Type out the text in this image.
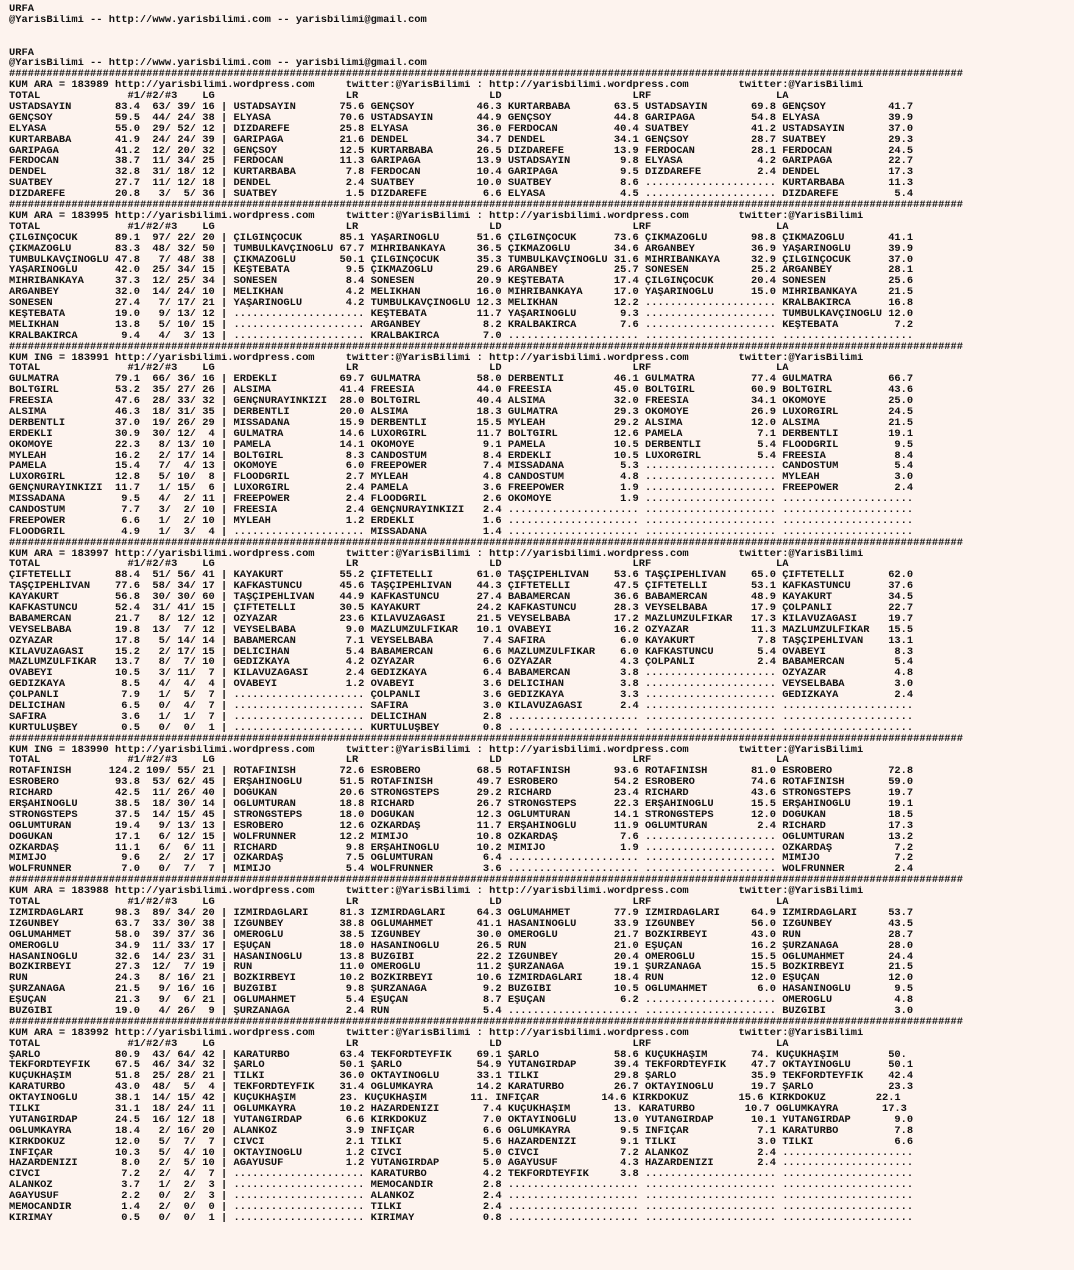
URFA
@YarisBilimi -- http://www.yarisbilimi.com -- yarisbilimi@gmail.com
URFA
@YarisBilimi -- http://www.yarisbilimi.com -- yarisbilimi@gmail.com
#########################################################################################################################################################
KUM ARA = 183989 http://yarisbilimi.wordpress.com     twitter:@YarisBilimi : http://yarisbilimi.wordpress.com        twitter:@YarisBilimi
TOTAL              #1/#2/#3    LG                     LR                     LD                     LRF                    LA
ÜSTADSAYIN       83.4  63/ 39/ 16 | ÜSTADSAYIN       75.6 GENÇSOY          46.3 KURTARBABA       63.5 ÜSTADSAYIN       69.8 GENÇSOY          41.7
GENÇSOY          59.5  44/ 24/ 38 | ELYASA           70.6 ÜSTADSAYIN       44.9 GENÇSOY          44.8 GARİPAGA         54.8 ELYASA           39.9
ELYASA           55.0  29/ 52/ 12 | DİZDAREFE        25.8 ELYASA           36.0 FERDOCAN         40.4 SUATBEY          41.2 ÜSTADSAYIN       37.0
KURTARBABA       41.9  24/ 24/ 39 | GARİPAGA         21.6 DENDEL           34.7 DENDEL           34.1 GENÇSOY          28.7 SUATBEY          29.3
GARİPAGA         41.2  12/ 20/ 32 | GENÇSOY          12.5 KURTARBABA       26.5 DİZDAREFE        13.9 FERDOCAN         28.1 FERDOCAN         24.5
FERDOCAN         38.7  11/ 34/ 25 | FERDOCAN         11.3 GARİPAGA         13.9 ÜSTADSAYIN        9.8 ELYASA            4.2 GARİPAGA         22.7
DENDEL           32.8  31/ 18/ 12 | KURTARBABA        7.8 FERDOCAN         10.4 GARİPAGA          9.5 DİZDAREFE         2.4 DENDEL           17.3
SUATBEY          27.7  11/ 12/ 18 | DENDEL            2.4 SUATBEY          10.0 SUATBEY           8.6 ..................... KURTARBABA       11.3
DİZDAREFE        20.8   3/  5/ 36 | SUATBEY           1.5 DİZDAREFE         6.6 ELYASA            4.5 ..................... DİZDAREFE         5.4
#########################################################################################################################################################
KUM ARA = 183995 http://yarisbilimi.wordpress.com     twitter:@YarisBilimi : http://yarisbilimi.wordpress.com        twitter:@YarisBilimi
TOTAL              #1/#2/#3    LG                     LR                     LD                     LRF                    LA
ÇILGINÇOCUK      89.1  97/ 22/ 20 | ÇILGINÇOCUK      85.1 YAŞARINOĞLU      51.6 ÇILGINÇOCUK      73.6 ÇIKMAZOĞLU       98.8 ÇIKMAZOĞLU       41.1
ÇIKMAZOĞLU       83.3  48/ 32/ 50 | TUMBULKAVÇİNOĞLU 67.7 MİHRİBANKAYA     36.5 ÇIKMAZOĞLU       34.6 ARGANBEY         36.9 YAŞARINOĞLU      39.9
TUMBULKAVÇİNOĞLU 47.8   7/ 48/ 38 | ÇIKMAZOĞLU       50.1 ÇILGINÇOCUK      35.3 TUMBULKAVÇİNOĞLU 31.6 MİHRİBANKAYA     32.9 ÇILGINÇOCUK      37.0
YAŞARINOĞLU      42.0  25/ 34/ 15 | KEŞTEBATA         9.5 ÇIKMAZOĞLU       29.6 ARGANBEY         25.7 SONESEN          25.2 ARGANBEY         28.1
MİHRİBANKAYA     37.3  12/ 25/ 34 | SONESEN           8.4 SONESEN          20.9 KEŞTEBATA        17.4 ÇILGINÇOCUK      20.4 SONESEN          25.6
ARGANBEY         32.0  14/ 24/ 10 | MELİKHAN          4.2 MELİKHAN         16.0 MİHRİBANKAYA     17.0 YAŞARINOĞLU      15.0 MİHRİBANKAYA     21.5
SONESEN          27.4   7/ 17/ 21 | YAŞARINOĞLU       4.2 TUMBULKAVÇİNOĞLU 12.3 MELİKHAN         12.2 ..................... KRALBAKIRCA      16.8
KEŞTEBATA        19.0   9/ 13/ 12 | ..................... KEŞTEBATA        11.7 YAŞARINOĞLU       9.3 ..................... TUMBULKAVÇİNOĞLU 12.0
MELİKHAN         13.8   5/ 10/ 15 | ..................... ARGANBEY          8.2 KRALBAKIRCA       7.6 ..................... KEŞTEBATA         7.2
KRALBAKIRCA       9.4   4/  3/ 13 | ..................... KRALBAKIRCA       7.0 ..................... ..................... .....................
#########################################################################################################################################################
KUM ING = 183991 http://yarisbilimi.wordpress.com     twitter:@YarisBilimi : http://yarisbilimi.wordpress.com        twitter:@YarisBilimi
TOTAL              #1/#2/#3    LG                     LR                     LD                     LRF                    LA
GULMATRA         79.1  66/ 36/ 16 | ERDEKLİ          69.7 GULMATRA         58.0 DERBENTLİ        46.1 GULMATRA         77.4 GULMATRA         66.7
BOLTGIRL         53.2  35/ 27/ 26 | ALSIMA           41.4 FREESIA          44.0 FREESIA          45.0 BOLTGIRL         60.9 BOLTGIRL         43.6
FREESIA          47.6  28/ 33/ 32 | GENÇNURAYINKIZI  28.0 BOLTGIRL         40.4 ALSIMA           32.0 FREESIA          34.1 OKOMOYE          25.0
ALSIMA           46.3  18/ 31/ 35 | DERBENTLİ        20.0 ALSIMA           18.3 GULMATRA         29.3 OKOMOYE          26.9 LUXORGIRL        24.5
DERBENTLİ        37.0  19/ 26/ 29 | MISSADANA        15.9 DERBENTLİ        15.5 MYLEAH           29.2 ALSIMA           12.0 ALSIMA           21.5
ERDEKLİ          30.9  30/ 12/  4 | GULMATRA         14.6 LUXORGIRL        11.7 BOLTGIRL         12.6 PAMELA            7.1 DERBENTLİ        19.1
OKOMOYE          22.3   8/ 13/ 10 | PAMELA           14.1 OKOMOYE           9.1 PAMELA           10.5 DERBENTLİ         5.4 FLOODGRIL         9.5
MYLEAH           16.2   2/ 17/ 14 | BOLTGIRL          8.3 CANDOSTUM         8.4 ERDEKLİ          10.5 LUXORGIRL         5.4 FREESIA           8.4
PAMELA           15.4   7/  4/ 13 | OKOMOYE           6.0 FREEPOWER         7.4 MISSADANA         5.3 ..................... CANDOSTUM         5.4
LUXORGIRL        12.8   5/ 10/  8 | FLOODGRIL         2.7 MYLEAH            4.8 CANDOSTUM         4.8 ..................... MYLEAH            3.0
GENÇNURAYINKIZI  11.7   1/ 15/  6 | LUXORGIRL         2.4 PAMELA            3.6 FREEPOWER         1.9 ..................... FREEPOWER         2.4
MISSADANA         9.5   4/  2/ 11 | FREEPOWER         2.4 FLOODGRIL         2.6 OKOMOYE           1.9 ..................... .....................
CANDOSTUM         7.7   3/  2/ 10 | FREESIA           2.4 GENÇNURAYINKIZI   2.4 ..................... ..................... .....................
FREEPOWER         6.6   1/  2/ 10 | MYLEAH            1.2 ERDEKLİ           1.6 ..................... ..................... .....................
FLOODGRIL         4.9   1/  3/  4 | ..................... MISSADANA         1.4 ..................... ..................... .....................
#########################################################################################################################################################
KUM ARA = 183997 http://yarisbilimi.wordpress.com     twitter:@YarisBilimi : http://yarisbilimi.wordpress.com        twitter:@YarisBilimi
TOTAL              #1/#2/#3    LG                     LR                     LD                     LRF                    LA
ÇİFTETELLİ       88.4  51/ 56/ 41 | KAYAKURT         55.2 ÇİFTETELLİ       61.0 TAŞÇIPEHLİVAN    53.6 TAŞÇIPEHLİVAN    65.0 ÇİFTETELLİ       62.0
TAŞÇIPEHLİVAN    77.6  58/ 34/ 17 | KAFKASTUNCU      45.6 TAŞÇIPEHLİVAN    44.3 ÇİFTETELLİ       47.5 ÇİFTETELLİ       53.1 KAFKASTUNCU      37.6
KAYAKURT         56.8  30/ 30/ 60 | TAŞÇIPEHLİVAN    44.9 KAFKASTUNCU      27.4 BABAMERCAN       36.6 BABAMERCAN       48.9 KAYAKURT         34.5
KAFKASTUNCU      52.4  31/ 41/ 15 | ÇİFTETELLİ       30.5 KAYAKURT         24.2 KAFKASTUNCU      28.3 VEYSELBABA       17.9 ÇOLPANLI         22.7
BABAMERCAN       21.7   8/ 12/ 12 | ÖZYAZAR          23.6 KILAVUZAĞASI     21.5 VEYSELBABA       17.2 MAZLUMZÜLFİKAR   17.3 KILAVUZAĞASI     19.7
VEYSELBABA       19.8  13/  7/ 12 | VEYSELBABA        9.0 MAZLUMZULFİKAR   10.1 OVABEYİ          16.2 ÖZYAZAR          11.3 MAZLUMZULFİKAR   15.5
ÖZYAZAR          17.8   5/ 14/ 14 | BABAMERCAN        7.1 VEYSELBABA        7.4 SAFİRA            6.0 KAYAKURT          7.8 TAŞÇIPEHLİVAN    13.1
KILAVUZAĞASI     15.2   2/ 17/ 15 | DELİCİHAN         5.4 BABAMERCAN        6.6 MAZLUMZULFİKAR    6.0 KAFKASTUNCU       5.4 OVABEYİ           8.3
MAZLUMZULFİKAR   13.7   8/  7/ 10 | GEDİZKAYA         4.2 ÖZYAZAR           6.6 ÖZYAZAR           4.3 ÇOLPANLI          2.4 BABAMERCAN        5.4
OVABEYİ          10.5   3/ 11/  7 | KILAVUZAĞASI      2.4 GEDİZKAYA         6.4 BABAMERCAN        3.8 ..................... ÖZYAZAR           4.8
GEDİZKAYA         8.5   4/  4/  4 | OVABEYİ           1.2 OVABEYİ           3.6 DELİCİHAN         3.8 ..................... VEYSELBABA        3.0
ÇOLPANLI          7.9   1/  5/  7 | ..................... ÇOLPANLI          3.6 GEDİZKAYA         3.3 ..................... GEDİZKAYA         2.4
DELİCİHAN         6.5   0/  4/  7 | ..................... SAFİRA            3.0 KILAVUZAĞASI      2.4 ..................... .....................
SAFİRA            3.6   1/  1/  7 | ..................... DELİCİHAN         2.8 ..................... ..................... .....................
KURTULUŞBEY       0.5   0/  0/  1 | ..................... KURTULUŞBEY       0.8 ..................... ..................... .....................
#########################################################################################################################################################
KUM ING = 183990 http://yarisbilimi.wordpress.com     twitter:@YarisBilimi : http://yarisbilimi.wordpress.com        twitter:@YarisBilimi
TOTAL              #1/#2/#3    LG                     LR                     LD                     LRF                    LA
ROTAFINISH      124.2 109/ 55/ 21 | ROTAFINISH       72.6 ESROBERO         68.5 ROTAFINISH       93.6 ROTAFINISH       81.0 ESROBERO         72.8
ESROBERO         93.8  53/ 62/ 45 | ERŞAHİNOĞLU      51.5 ROTAFINISH       49.7 ESROBERO         54.2 ESROBERO         74.6 ROTAFINISH       59.0
RICHARD          42.5  11/ 26/ 40 | DOĞUKAN          20.6 STRONGSTEPS      29.2 RICHARD          23.4 RICHARD          43.6 STRONGSTEPS      19.7
ERŞAHİNOĞLU      38.5  18/ 30/ 14 | OĞLUMTURAN       18.8 RICHARD          26.7 STRONGSTEPS      22.3 ERŞAHİNOĞLU      15.5 ERŞAHİNOĞLU      19.1
STRONGSTEPS      37.5  14/ 15/ 45 | STRONGSTEPS      18.0 DOĞUKAN          12.3 OĞLUMTURAN       14.1 STRONGSTEPS      12.0 DOĞUKAN          18.5
OĞLUMTURAN       19.4   9/ 13/ 13 | ESROBERO         12.6 ÖZKARDAŞ         11.7 ERŞAHİNOĞLU      11.9 OĞLUMTURAN        2.4 RICHARD          17.3
DOĞUKAN          17.1   6/ 12/ 15 | WOLFRUNNER       12.2 MİMİJO           10.8 ÖZKARDAŞ          7.6 ..................... OĞLUMTURAN       13.2
ÖZKARDAŞ         11.1   6/  6/ 11 | RICHARD           9.8 ERŞAHİNOĞLU      10.2 MİMİJO            1.9 ..................... ÖZKARDAŞ          7.2
MİMİJO            9.6   2/  2/ 17 | ÖZKARDAŞ          7.5 OĞLUMTURAN        6.4 ..................... ..................... MİMİJO            7.2
WOLFRUNNER        7.0   0/  7/  7 | MİMİJO            5.4 WOLFRUNNER        3.6 ..................... ..................... WOLFRUNNER        2.4
#########################################################################################################################################################
KUM ARA = 183988 http://yarisbilimi.wordpress.com     twitter:@YarisBilimi : http://yarisbilimi.wordpress.com        twitter:@YarisBilimi
TOTAL              #1/#2/#3    LG                     LR                     LD                     LRF                    LA
İZMİRDAĞLARI     98.3  89/ 34/ 20 | İZMİRDAĞLARI     81.3 İZMİRDAĞLARI     64.3 OĞLUMAHMET       77.9 İZMİRDAĞLARI     64.9 İZMİRDAĞLARI     53.7
İZGÜNBEY         63.7  33/ 30/ 38 | İZGÜNBEY         38.8 OĞLUMAHMET       41.1 HASANİNOĞLU      33.9 İZGÜNBEY         56.0 İZGÜNBEY         43.5
OĞLUMAHMET       58.0  39/ 37/ 36 | ÖMEROĞLU         38.5 İZGÜNBEY         30.0 ÖMEROĞLU         21.7 BOZKIRBEYİ       43.0 RUN              28.7
ÖMEROĞLU         34.9  11/ 33/ 17 | EŞUÇAN           18.0 HASANİNOĞLU      26.5 RUN              21.0 EŞUÇAN           16.2 ŞURZANAĞA        28.0
HASANİNOĞLU      32.6  14/ 23/ 31 | HASANİNOĞLU      13.8 BUZGİBİ          22.2 İZGÜNBEY         20.4 ÖMEROĞLU         15.5 OĞLUMAHMET       24.4
BOZKIRBEYİ       27.3  12/  7/ 19 | RUN              11.0 ÖMEROĞLU         11.2 ŞURZANAĞA        19.1 ŞURZANAĞA        15.5 BOZKIRBEYİ       21.5
RUN              24.3   8/ 16/ 21 | BOZKIRBEYİ       10.2 BOZKIRBEYİ       10.6 İZMİRDAĞLARI     18.4 RUN              12.0 EŞUÇAN           12.0
ŞURZANAĞA        21.5   9/ 16/ 16 | BUZGİBİ           9.8 ŞURZANAĞA         9.2 BUZGİBİ          10.5 OĞLUMAHMET        6.0 HASANİNOĞLU       9.5
EŞUÇAN           21.3   9/  6/ 21 | OĞLUMAHMET        5.4 EŞUÇAN            8.7 EŞUÇAN            6.2 ..................... ÖMEROĞLU          4.8
BUZGİBİ          19.0   4/ 26/  9 | ŞURZANAĞA         2.4 RUN               5.4 ..................... ..................... BUZGİBİ           3.0
#########################################################################################################################################################
KUM ARA = 183992 http://yarisbilimi.wordpress.com     twitter:@YarisBilimi : http://yarisbilimi.wordpress.com        twitter:@YarisBilimi
TOTAL              #1/#2/#3    LG                     LR                     LD                     LRF                    LA
ŞARLO            80.9  43/ 64/ 42 | KARATURBO        63.4 TEKFORDTEYFİK    69.1 ŞARLO            58.6 KÜÇÜKHAŞİM       74. KÜÇÜKHAŞİM        50.
TEKFORDTEYFİK    67.5  46/ 34/ 32 | ŞARLO            50.1 ŞARLO            54.9 YUTANGİRDAP      39.4 TEKFORDTEYFİK    47.7 OKTAYİNOĞLU      50.1
KÜÇÜKHAŞİM       51.8  25/ 28/ 21 | TİLKİ            36.0 OKTAYİNOĞLU      33.1 TİLKİ            29.8 ŞARLO            35.9 TEKFORDTEYFİK    42.4
KARATURBO        43.0  48/  5/  4 | TEKFORDTEYFİK    31.4 OĞLUMKAYRA       14.2 KARATURBO        26.7 OKTAYİNOĞLU      19.7 ŞARLO            23.3
OKTAYİNOĞLU      38.1  14/ 15/ 42 | KÜÇÜKHAŞİM       23. KÜÇÜKHAŞİM       11. İNFİÇAR          14.6 KIRKDOKUZ        15.6 KIRKDOKUZ        22.1
TİLKİ            31.1  18/ 24/ 11 | OĞLUMKAYRA       10.2 HAZARDENİZİ       7.4 KÜÇÜKHAŞİM       13. KARATURBO        10.7 OĞLUMKAYRA       17.3
YUTANGİRDAP      24.5  16/ 12/ 18 | YUTANGİRDAP       6.6 KIRKDOKUZ         7.0 OKTAYİNOĞLU      13.0 YUTANGİRDAP      10.1 YUTANGİRDAP       9.0
OĞLUMKAYRA       18.4   2/ 16/ 20 | ALANKOZ           3.9 İNFİÇAR           6.6 OĞLUMKAYRA        9.5 İNFİÇAR           7.1 KARATURBO         7.8
KIRKDOKUZ        12.0   5/  7/  7 | CİVCİ             2.1 TİLKİ             5.6 HAZARDENİZİ       9.1 TİLKİ             3.0 TİLKİ             6.6
İNFİÇAR          10.3   5/  4/ 10 | OKTAYİNOĞLU       1.2 CİVCİ             5.0 CİVCİ             7.2 ALANKOZ           2.4 .....................
HAZARDENİZİ       8.0   2/  5/ 10 | AGAYUSUF          1.2 YUTANGİRDAP       5.0 AGAYUSUF          4.3 HAZARDENİZİ       2.4 .....................
CİVCİ             7.2   2/  4/  7 | ..................... KARATURBO         4.2 TEKFORDTEYFİK     3.8 ..................... .....................
ALANKOZ           3.7   1/  2/  3 | ..................... MEMOCANDIR        2.8 ..................... ..................... .....................
AGAYUSUF          2.2   0/  2/  3 | ..................... ALANKOZ           2.4 ..................... ..................... .....................
MEMOCANDIR        1.4   2/  0/  0 | ..................... TİLKİ             2.4 ..................... ..................... .....................
KIRIMAY           0.5   0/  0/  1 | ..................... KIRIMAY           0.8 ..................... ..................... .....................
